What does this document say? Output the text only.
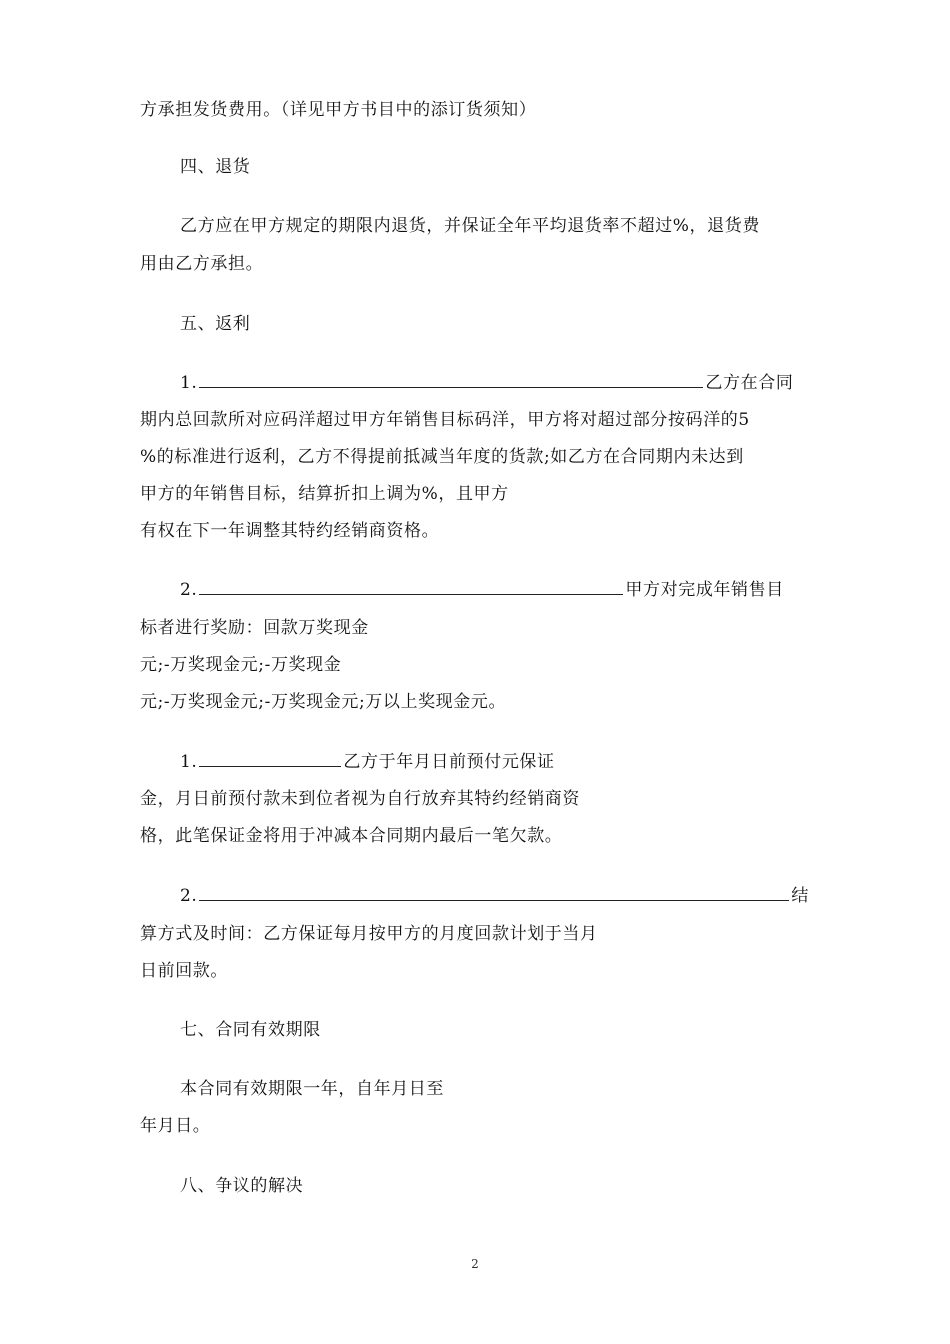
方承担发货费用。（详见甲方书目中的添订货须知）
四、退货
乙方应在甲方规定的期限内退货，并保证全年平均退货率不超过%，退货费
用由乙方承担。
五、返利
1.	乙方在合同
期内总回款所对应码洋超过甲方年销售目标码洋，甲方将对超过部分按码洋的5
%的标准进行返利，乙方不得提前抵减当年度的货款;如乙方在合同期内未达到
甲方的年销售目标，结算折扣上调为%，且甲方
有权在下一年调整其特约经销商资格。
2.	甲方对完成年销售目
标者进行奖励：回款万奖现金
元;-万奖现金元;-万奖现金
元;-万奖现金元;-万奖现金元;万以上奖现金元。
1.	乙方于年月日前预付元保证
金，月日前预付款未到位者视为自行放弃其特约经销商资
格，此笔保证金将用于冲减本合同期内最后一笔欠款。
2.	结
算方式及时间：乙方保证每月按甲方的月度回款计划于当月
日前回款。
七、合同有效期限
本合同有效期限一年，自年月日至
年月日。
八、争议的解决
2
